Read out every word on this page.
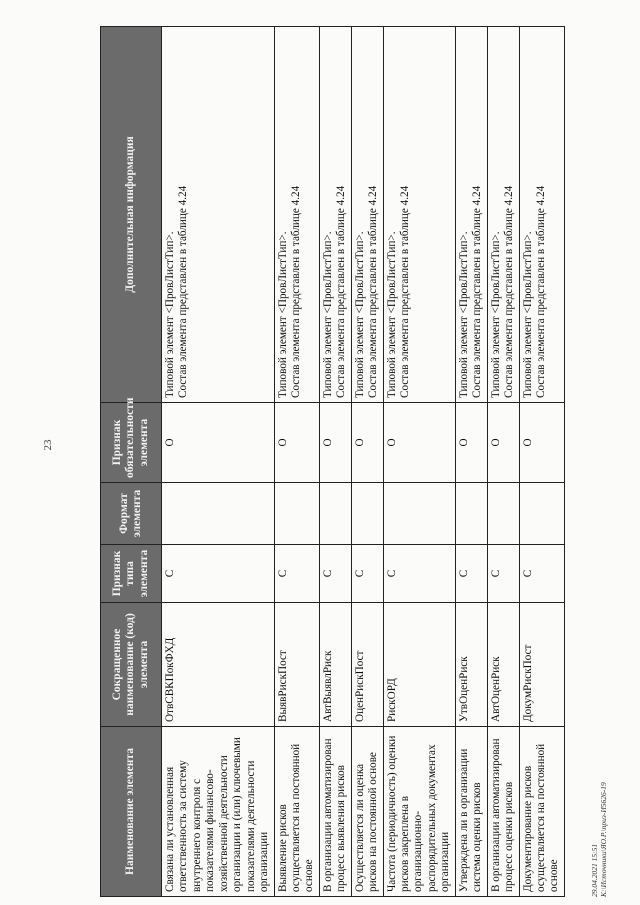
23
Наименование элемента	Сокращенное наименование (код) элемента	Признак типа элемента	Формат элемента	Признак обязательности элемента	Дополнительная информация
Связана ли установленная ответственность за систему внутреннего контроля с показателями финансово-хозяйственной деятельности организации и (или) ключевыми показателями деятельности организации	ОтвСВКПокФХД	С		О	Типовой элемент <ПровЛистТип>. Состав элемента представлен в таблице 4.24

Выявление рисков осуществляется на постоянной основе	ВыявРискПост	С		О	Типовой элемент <ПровЛистТип>. Состав элемента представлен в таблице 4.24

В организации автоматизирован процесс выявления рисков	АвтВыявлРиск	С		О	Типовой элемент <ПровЛистТип>. Состав элемента представлен в таблице 4.24

Осуществляется ли оценка рисков на постоянной основе	ОценРискПост	С		О	Типовой элемент <ПровЛистТип>. Состав элемента представлен в таблице 4.24

Частота (периодичность) оценки рисков закреплена в организационно-распорядительных документах организации	РискОРД	С		О	Типовой элемент <ПровЛистТип>. Состав элемента представлен в таблице 4.24

Утверждена ли в организации система оценки рисков	УтвОценРиск	С		О	Типовой элемент <ПровЛистТип>. Состав элемента представлен в таблице 4.24

В организации автоматизирован процесс оценки рисков	АвтОценРиск	С		О	Типовой элемент <ПровЛистТип>. Состав элемента представлен в таблице 4.24

Документирование рисков осуществляется на постоянной основе	ДокумРискПост	С		О	Типовой элемент <ПровЛистТип>. Состав элемента представлен в таблице 4.24
29.04.2021 15:51 К:\Источники\ЯО.Р.\приз-И5626-19
